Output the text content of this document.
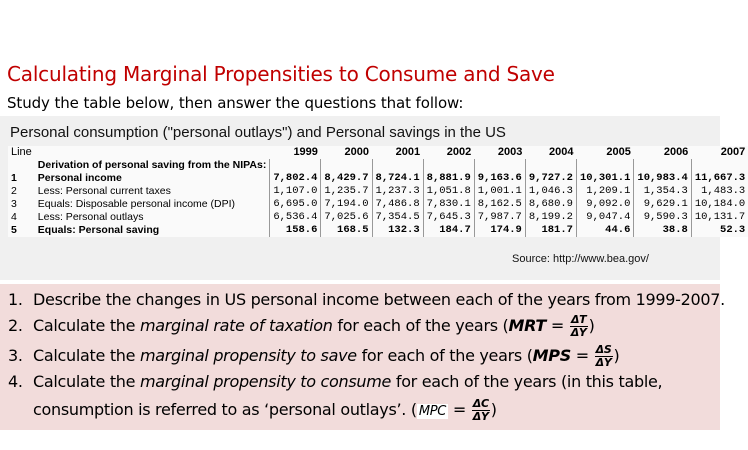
Calculating Marginal Propensities to Consume and Save
Study the table below, then answer the questions that follow:
Personal consumption ("personal outlays") and Personal savings in the US
Line		1999	2000	2001	2002	2003	2004	2005	2006	2007
	Derivation of personal saving from the NIPAs:									
1	Personal income	7,802.4	8,429.7	8,724.1	8,881.9	9,163.6	9,727.2	10,301.1	10,983.4	11,667.3
2	Less: Personal current taxes	1,107.0	1,235.7	1,237.3	1,051.8	1,001.1	1,046.3	1,209.1	1,354.3	1,483.3
3	Equals: Disposable personal income (DPI)	6,695.0	7,194.0	7,486.8	7,830.1	8,162.5	8,680.9	9,092.0	9,629.1	10,184.0
4	Less: Personal outlays	6,536.4	7,025.6	7,354.5	7,645.3	7,987.7	8,199.2	9,047.4	9,590.3	10,131.7
5	Equals: Personal saving	158.6	168.5	132.3	184.7	174.9	181.7	44.6	38.8	52.3
Source: http://www.bea.gov/
1. Describe the changes in US personal income between each of the years from 1999-2007.
2. Calculate the marginal rate of taxation for each of the years ($MRT = \frac{\Delta T}{\Delta Y}$ )
3. Calculate the marginal propensity to save for each of the years ($MPS = \frac{\Delta S}{\Delta Y}$ )
4. Calculate the marginal propensity to consume for each of the years (in this table,
consumption is referred to as ‘personal outlays’. ( MPC = $\frac{\Delta C}{\Delta Y}$ )
